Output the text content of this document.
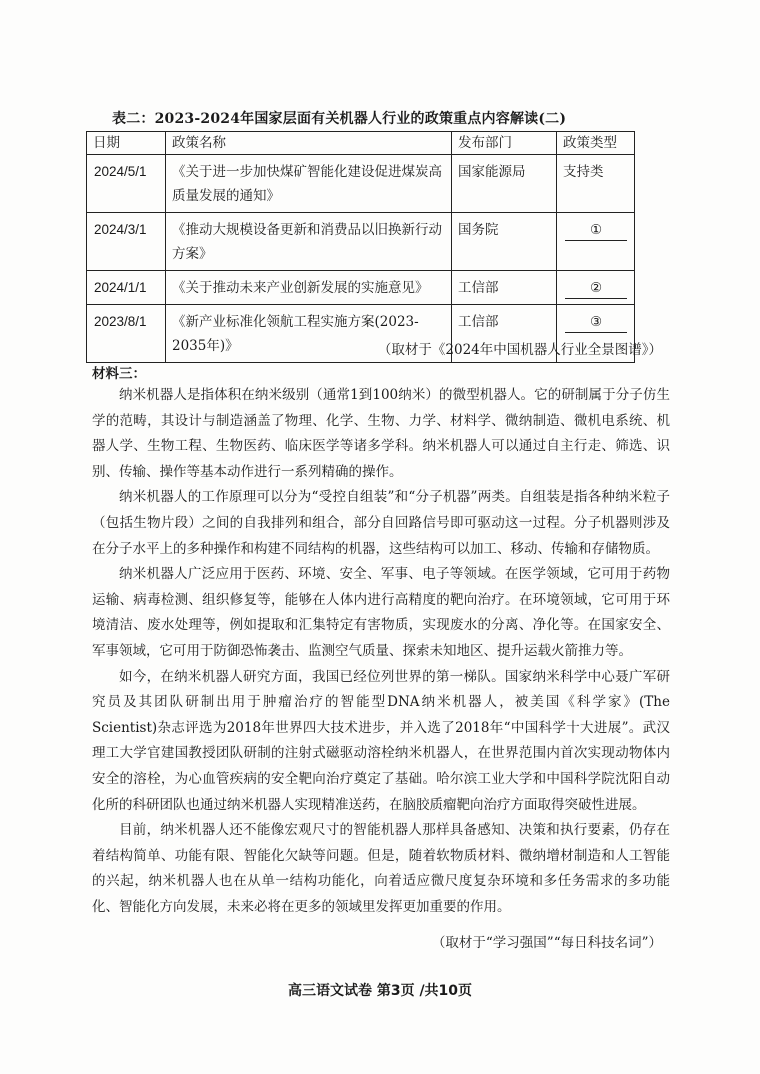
表二：2023-2024年国家层面有关机器人行业的政策重点内容解读(二)
日期	政策名称	发布部门	政策类型
2024/5/1	《关于进一步加快煤矿智能化建设促进煤炭高质量发展的通知》	国家能源局	支持类
2024/3/1	《推动大规模设备更新和消费品以旧换新行动方案》	国务院	①
2024/1/1	《关于推动未来产业创新发展的实施意见》	工信部	②
2023/8/1	《新产业标准化领航工程实施方案(2023-2035年)》	工信部	③
（取材于《2024年中国机器人行业全景图谱》）
材料三：

纳米机器人是指体积在纳米级别（通常1到100纳米）的微型机器人。它的研制属于分子仿生学的范畴，其设计与制造涵盖了物理、化学、生物、力学、材料学、微纳制造、微机电系统、机器人学、生物工程、生物医药、临床医学等诸多学科。纳米机器人可以通过自主行走、筛选、识别、传输、操作等基本动作进行一系列精确的操作。

纳米机器人的工作原理可以分为“受控自组装”和“分子机器”两类。自组装是指各种纳米粒子（包括生物片段）之间的自我排列和组合，部分自回路信号即可驱动这一过程。分子机器则涉及在分子水平上的多种操作和构建不同结构的机器，这些结构可以加工、移动、传输和存储物质。

纳米机器人广泛应用于医药、环境、安全、军事、电子等领域。在医学领域，它可用于药物运输、病毒检测、组织修复等，能够在人体内进行高精度的靶向治疗。在环境领域，它可用于环境清洁、废水处理等，例如提取和汇集特定有害物质，实现废水的分离、净化等。在国家安全、军事领域，它可用于防御恐怖袭击、监测空气质量、探索未知地区、提升运载火箭推力等。

如今，在纳米机器人研究方面，我国已经位列世界的第一梯队。国家纳米科学中心聂广军研究员及其团队研制出用于肿瘤治疗的智能型DNA纳米机器人，被美国《科学家》(The Scientist)杂志评选为2018年世界四大技术进步，并入选了2018年“中国科学十大进展”。武汉理工大学官建国教授团队研制的注射式磁驱动溶栓纳米机器人，在世界范围内首次实现动物体内安全的溶栓，为心血管疾病的安全靶向治疗奠定了基础。哈尔滨工业大学和中国科学院沈阳自动化所的科研团队也通过纳米机器人实现精准送药，在脑胶质瘤靶向治疗方面取得突破性进展。

目前，纳米机器人还不能像宏观尺寸的智能机器人那样具备感知、决策和执行要素，仍存在着结构简单、功能有限、智能化欠缺等问题。但是，随着软物质材料、微纳增材制造和人工智能的兴起，纳米机器人也在从单一结构功能化，向着适应微尺度复杂环境和多任务需求的多功能化、智能化方向发展，未来必将在更多的领域里发挥更加重要的作用。

（取材于“学习强国”“每日科技名词”）
高三语文试卷 第3页 /共10页
